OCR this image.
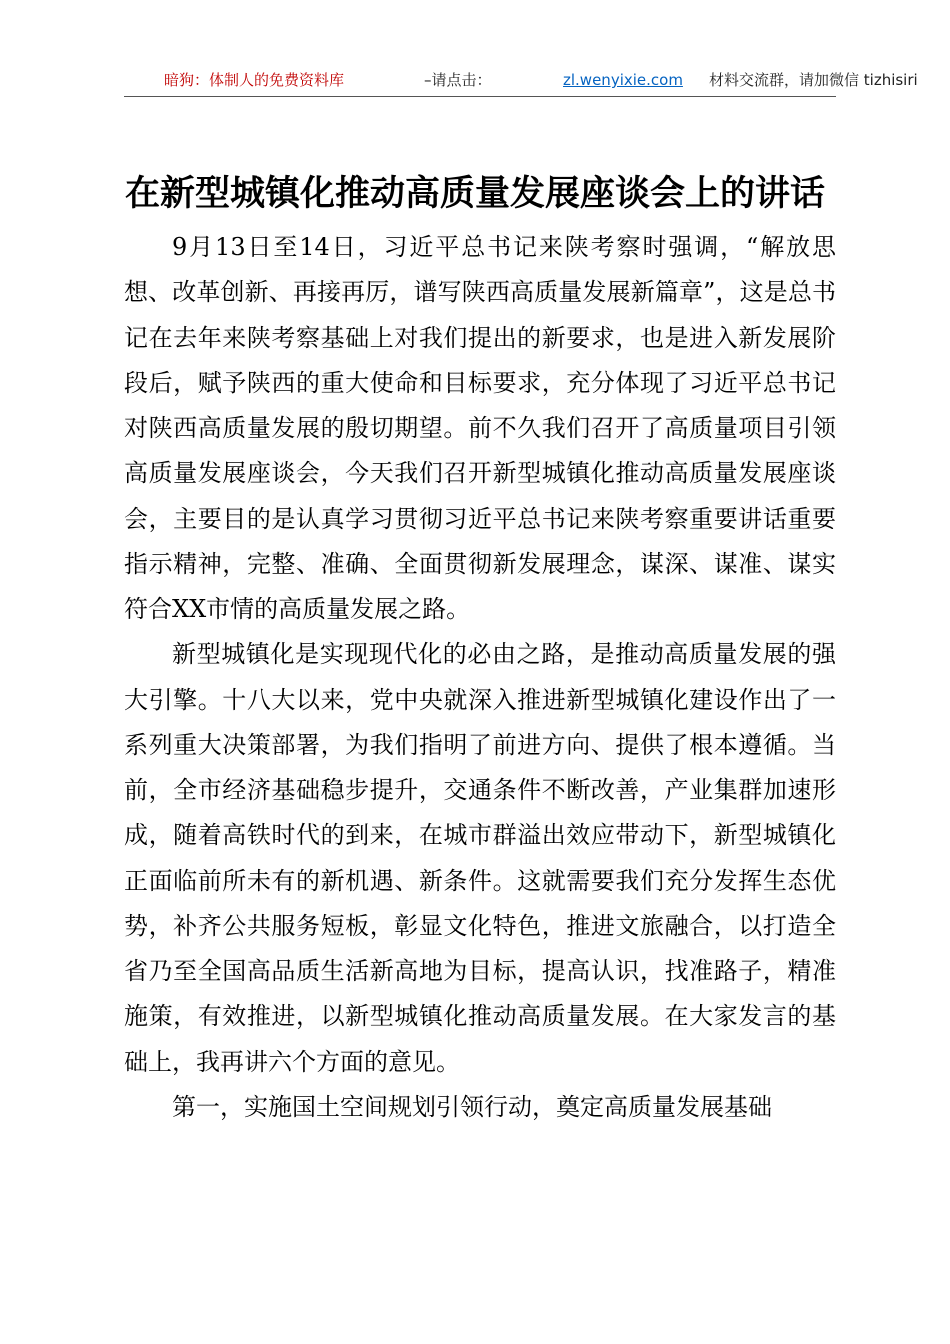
暗狗：体制人的免费资料库	–请点击：	zl.wenyixie.com 材料交流群，请加微信 tizhisiri
在新型城镇化推动高质量发展座谈会上的讲话

9月13日至14日，习近平总书记来陕考察时强调，“解放思想、改革创新、再接再厉，谱写陕西高质量发展新篇章”，这是总书记在去年来陕考察基础上对我们提出的新要求，也是进入新发展阶段后，赋予陕西的重大使命和目标要求，充分体现了习近平总书记对陕西高质量发展的殷切期望。前不久我们召开了高质量项目引领高质量发展座谈会，今天我们召开新型城镇化推动高质量发展座谈会，主要目的是认真学习贯彻习近平总书记来陕考察重要讲话重要指示精神，完整、准确、全面贯彻新发展理念，谋深、谋准、谋实符合XX市情的高质量发展之路。

新型城镇化是实现现代化的必由之路，是推动高质量发展的强大引擎。十八大以来，党中央就深入推进新型城镇化建设作出了一系列重大决策部署，为我们指明了前进方向、提供了根本遵循。当前，全市经济基础稳步提升，交通条件不断改善，产业集群加速形成，随着高铁时代的到来，在城市群溢出效应带动下，新型城镇化正面临前所未有的新机遇、新条件。这就需要我们充分发挥生态优势，补齐公共服务短板，彰显文化特色，推进文旅融合，以打造全省乃至全国高品质生活新高地为目标，提高认识，找准路子，精准施策，有效推进，以新型城镇化推动高质量发展。在大家发言的基础上，我再讲六个方面的意见。

第一，实施国土空间规划引领行动，奠定高质量发展基础
